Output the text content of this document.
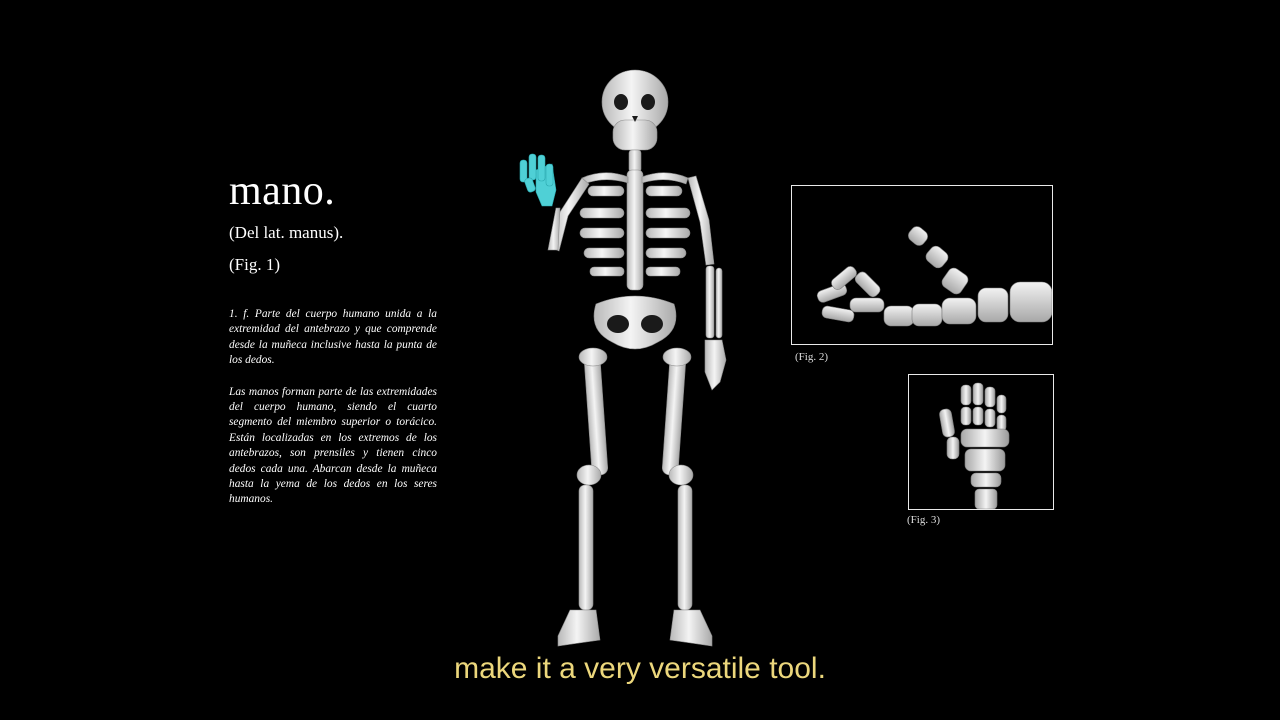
mano.
(Del lat. manus).
(Fig. 1)
1. f. Parte del cuerpo humano unida a la extremidad del antebrazo y que comprende desde la muñeca inclusive hasta la punta de los dedos.
Las manos forman parte de las extremidades del cuerpo humano, siendo el cuarto segmento del miembro superior o torácico. Están localizadas en los extremos de los antebrazos, son prensiles y tienen cinco dedos cada una. Abarcan desde la muñeca hasta la yema de los dedos en los seres humanos.
(Fig. 2)
(Fig. 3)
make it a very versatile tool.
